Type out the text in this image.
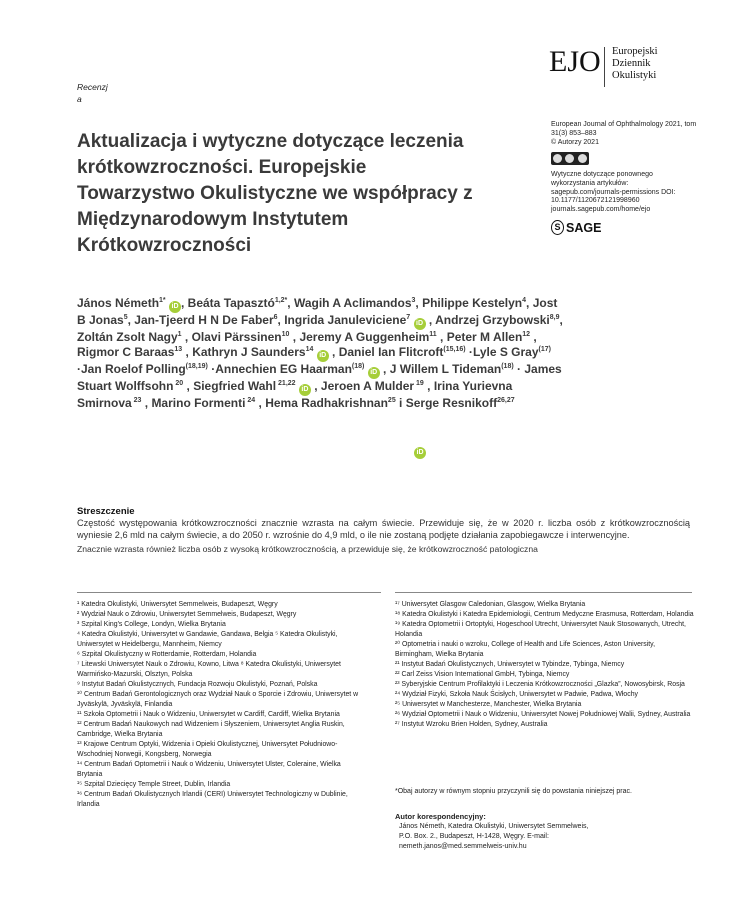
EJO Europejski
Dziennik
Okulistyki
Recenzj
a
Aktualizacja i wytyczne dotyczące leczenia krótkowzroczności. Europejskie Towarzystwo Okulistyczne we współpracy z Międzynarodowym Instytutem Krótkowzroczności
European Journal of Ophthalmology 2021, tom
31(3) 853–883
© Autorzy 2021
Wytyczne dotyczące ponownego
wykorzystania artykułów:
sagepub.com/journals-permissions DOI:
10.1177/1120672121998960
journals.sagepub.com/home/ejo
S SAGE
János Németh$^{1*}$ iD , Beáta Tapasztó$^{1,2*}$, Wagih A Aclimandos$^3$, Philippe Kestelyn$^4$, Jost B Jonas$^5$, Jan-Tjeerd H N De Faber$^6$, Ingrida Januleviciene$^7$ iD , Andrzej Grzybowski$^{8,9}$, Zoltán Zsolt Nagy$^1$ , Olavi Pärssinen$^{10}$ , Jeremy A Guggenheim$^{11}$ , Peter M Allen$^{12}$ , Rigmor C Baraas$^{13}$ , Kathryn J Saunders$^{14}$ iD , Daniel Ian Flitcroft$^{(15,16)}$ ·Lyle S Gray$^{(17)}$ ·Jan Roelof Polling$^{(18,19)}$ ·Annechien EG Haarman$^{(18)}$ iD , J Willem L Tideman$^{(18)}$ · James Stuart Wolffsohn $^{20}$ , Siegfried Wahl $^{21,22}$ iD , Jeroen A Mulder $^{19}$ , Irina Yurievna Smirnova $^{23}$ , Marino Formenti $^{24}$ , Hema Radhakrishnan$^{25}$ i Serge Resnikoff$^{26,27}$
iD
Streszczenie
Częstość występowania krótkowzroczności znacznie wzrasta na całym świecie. Przewiduje się, że w 2020 r. liczba osób z krótkowzrocznością wyniesie 2,6 mld na całym świecie, a do 2050 r. wzrośnie do 4,9 mld, o ile nie zostaną podjęte działania zapobiegawcze i interwencyjne.
Znacznie wzrasta również liczba osób z wysoką krótkowzrocznością, a przewiduje się, że krótkowzroczność patologiczna

¹ Katedra Okulistyki, Uniwersytet Semmelweis, Budapeszt, Węgry

² Wydział Nauk o Zdrowiu, Uniwersytet Semmelweis, Budapeszt, Węgry

³ Szpital King's College, Londyn, Wielka Brytania

⁴ Katedra Okulistyki, Uniwersytet w Gandawie, Gandawa, Belgia ⁵ Katedra Okulistyki, Uniwersytet w Heidelbergu, Mannheim, Niemcy

⁶ Szpital Okulistyczny w Rotterdamie, Rotterdam, Holandia

⁷ Litewski Uniwersytet Nauk o Zdrowiu, Kowno, Litwa ⁸ Katedra Okulistyki, Uniwersytet Warmińsko-Mazurski, Olsztyn, Polska

⁹ Instytut Badań Okulistycznych, Fundacja Rozwoju Okulistyki, Poznań, Polska

¹⁰ Centrum Badań Gerontologicznych oraz Wydział Nauk o Sporcie i Zdrowiu, Uniwersytet w Jyväskylä, Jyväskylä, Finlandia

¹¹ Szkoła Optometrii i Nauk o Widzeniu, Uniwersytet w Cardiff, Cardiff, Wielka Brytania

¹² Centrum Badań Naukowych nad Widzeniem i Słyszeniem, Uniwersytet Anglia Ruskin, Cambridge, Wielka Brytania

¹³ Krajowe Centrum Optyki, Widzenia i Opieki Okulistycznej, Uniwersytet Południowo-Wschodniej Norwegii, Kongsberg, Norwegia

¹⁴ Centrum Badań Optometrii i Nauk o Widzeniu, Uniwersytet Ulster, Coleraine, Wielka Brytania

¹⁵ Szpital Dziecięcy Temple Street, Dublin, Irlandia

¹⁶ Centrum Badań Okulistycznych Irlandii (CERI) Uniwersytet Technologiczny w Dublinie, Irlandia

¹⁷ Uniwersytet Glasgow Caledonian, Glasgow, Wielka Brytania

¹⁸ Katedra Okulistyki i Katedra Epidemiologii, Centrum Medyczne Erasmusa, Rotterdam, Holandia

¹⁹ Katedra Optometrii i Ortoptyki, Hogeschool Utrecht, Uniwersytet Nauk Stosowanych, Utrecht, Holandia

²⁰ Optometria i nauki o wzroku, College of Health and Life Sciences, Aston University, Birmingham, Wielka Brytania

²¹ Instytut Badań Okulistycznych, Uniwersytet w Tybindze, Tybinga, Niemcy

²² Carl Zeiss Vision International GmbH, Tybinga, Niemcy

²³ Syberyjskie Centrum Profilaktyki i Leczenia Krótkowzroczności „Glazka”, Nowosybirsk, Rosja

²⁴ Wydział Fizyki, Szkoła Nauk Ścisłych, Uniwersytet w Padwie, Padwa, Włochy

²⁵ Uniwersytet w Manchesterze, Manchester, Wielka Brytania

²⁶ Wydział Optometrii i Nauk o Widzeniu, Uniwersytet Nowej Południowej Walii, Sydney, Australia

²⁷ Instytut Wzroku Brien Holden, Sydney, Australia

*Obaj autorzy w równym stopniu przyczynili się do powstania niniejszej prac.
Autor korespondencyjny:
János Németh, Katedra Okulistyki, Uniwersytet Semmelweis,
P.O. Box. 2., Budapeszt, H-1428, Węgry. E-mail:
nemeth.janos@med.semmelweis-univ.hu
